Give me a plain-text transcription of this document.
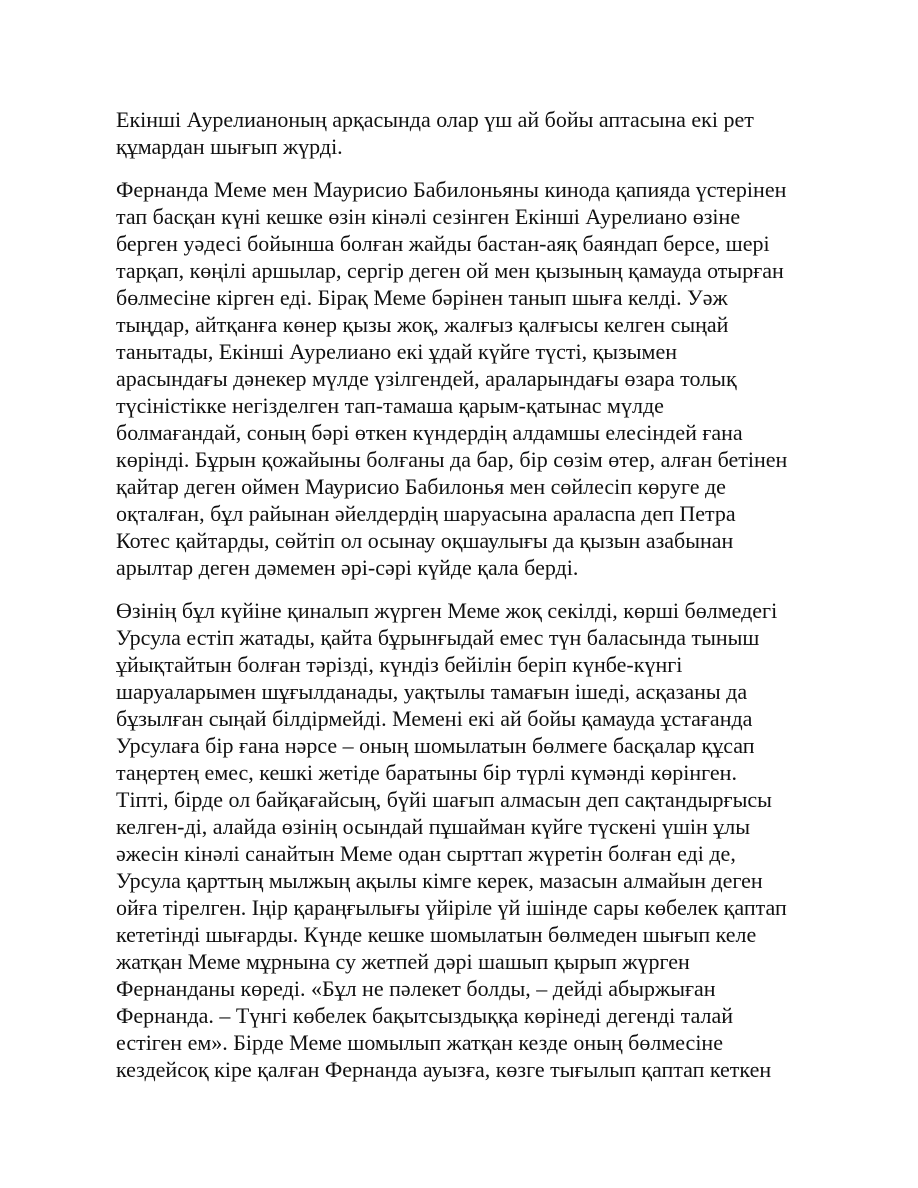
Екінші Аурелианоның арқасында олар үш ай бойы аптасына екі рет
құмардан шығып жүрді.

Фернанда Меме мен Маурисио Бабилоньяны кинода қапияда үстерінен
тап басқан күні кешке өзін кінәлі сезінген Екінші Аурелиано өзіне
берген уәдесі бойынша болған жайды бастан-аяқ баяндап берсе, шері
тарқап, көңілі аршылар, сергір деген ой мен қызының қамауда отырған
бөлмесіне кірген еді. Бірақ Меме бәрінен танып шыға келді. Уәж
тыңдар, айтқанға көнер қызы жоқ, жалғыз қалғысы келген сыңай
танытады, Екінші Аурелиано екі ұдай күйге түсті, қызымен
арасындағы дәнекер мүлде үзілгендей, араларындағы өзара толық
түсіністікке негізделген тап-тамаша қарым-қатынас мүлде
болмағандай, соның бәрі өткен күндердің алдамшы елесіндей ғана
көрінді. Бұрын қожайыны болғаны да бар, бір сөзім өтер, алған бетінен
қайтар деген оймен Маурисио Бабилонья мен сөйлесіп көруге де
оқталған, бұл райынан әйелдердің шаруасына араласпа деп Петра
Котес қайтарды, сөйтіп ол осынау оқшаулығы да қызын азабынан
арылтар деген дәмемен әрі-сәрі күйде қала берді.

Өзінің бұл күйіне қиналып жүрген Меме жоқ секілді, көрші бөлмедегі
Урсула естіп жатады, қайта бұрынғыдай емес түн баласында тыныш
ұйықтайтын болған тәрізді, күндіз бейілін беріп күнбе-күнгі
шаруаларымен шұғылданады, уақтылы тамағын ішеді, асқазаны да
бұзылған сыңай білдірмейді. Мемені екі ай бойы қамауда ұстағанда
Урсулаға бір ғана нәрсе – оның шомылатын бөлмеге басқалар құсап
таңертең емес, кешкі жетіде баратыны бір түрлі күмәнді көрінген.
Тіпті, бірде ол байқағайсың, бүйі шағып алмасын деп сақтандырғысы
келген-ді, алайда өзінің осындай пұшайман күйге түскені үшін ұлы
әжесін кінәлі санайтын Меме одан сырттап жүретін болған еді де,
Урсула қарттың мылжың ақылы кімге керек, мазасын алмайын деген
ойға тірелген. Іңір қараңғылығы үйіріле үй ішінде сары көбелек қаптап
кететінді шығарды. Күнде кешке шомылатын бөлмеден шығып келе
жатқан Меме мұрнына су жетпей дәрі шашып қырып жүрген
Фернанданы көреді. «Бұл не пәлекет болды, – дейді абыржыған
Фернанда. – Түнгі көбелек бақытсыздыққа көрінеді дегенді талай
естіген ем». Бірде Меме шомылып жатқан кезде оның бөлмесіне
кездейсоқ кіре қалған Фернанда ауызға, көзге тығылып қаптап кеткен
